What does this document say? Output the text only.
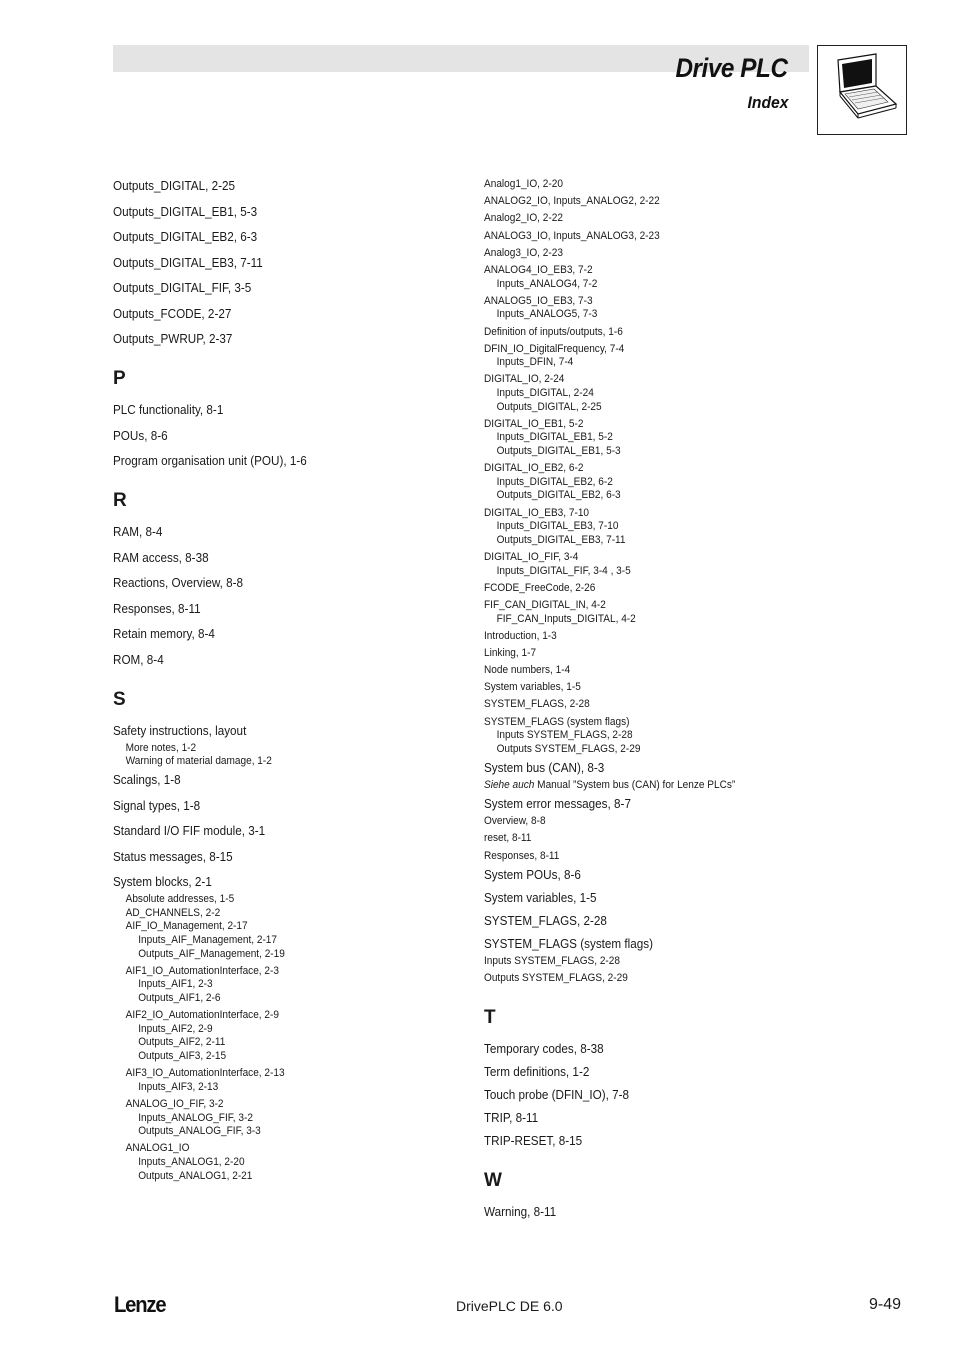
Drive PLC
Index
Outputs_DIGITAL, 2-25
Outputs_DIGITAL_EB1, 5-3
Outputs_DIGITAL_EB2, 6-3
Outputs_DIGITAL_EB3, 7-11
Outputs_DIGITAL_FIF, 3-5
Outputs_FCODE, 2-27
Outputs_PWRUP, 2-37
P
PLC functionality, 8-1
POUs, 8-6
Program organisation unit (POU), 1-6
R
RAM, 8-4
RAM access, 8-38
Reactions, Overview, 8-8
Responses, 8-11
Retain memory, 8-4
ROM, 8-4
S
Safety instructions, layout
More notes, 1-2
Warning of material damage, 1-2
Scalings, 1-8
Signal types, 1-8
Standard I/O FIF module, 3-1
Status messages, 8-15
System blocks, 2-1
Absolute addresses, 1-5
AD_CHANNELS, 2-2
AIF_IO_Management, 2-17
Inputs_AIF_Management, 2-17
Outputs_AIF_Management, 2-19
AIF1_IO_AutomationInterface, 2-3
Inputs_AIF1, 2-3
Outputs_AIF1, 2-6
AIF2_IO_AutomationInterface, 2-9
Inputs_AIF2, 2-9
Outputs_AIF2, 2-11
Outputs_AIF3, 2-15
AIF3_IO_AutomationInterface, 2-13
Inputs_AIF3, 2-13
ANALOG_IO_FIF, 3-2
Inputs_ANALOG_FIF, 3-2
Outputs_ANALOG_FIF, 3-3
ANALOG1_IO
Inputs_ANALOG1, 2-20
Outputs_ANALOG1, 2-21
Analog1_IO, 2-20
ANALOG2_IO, Inputs_ANALOG2, 2-22
Analog2_IO, 2-22
ANALOG3_IO, Inputs_ANALOG3, 2-23
Analog3_IO, 2-23
ANALOG4_IO_EB3, 7-2
Inputs_ANALOG4, 7-2
ANALOG5_IO_EB3, 7-3
Inputs_ANALOG5, 7-3
Definition of inputs/outputs, 1-6
DFIN_IO_DigitalFrequency, 7-4
Inputs_DFIN, 7-4
DIGITAL_IO, 2-24
Inputs_DIGITAL, 2-24
Outputs_DIGITAL, 2-25
DIGITAL_IO_EB1, 5-2
Inputs_DIGITAL_EB1, 5-2
Outputs_DIGITAL_EB1, 5-3
DIGITAL_IO_EB2, 6-2
Inputs_DIGITAL_EB2, 6-2
Outputs_DIGITAL_EB2, 6-3
DIGITAL_IO_EB3, 7-10
Inputs_DIGITAL_EB3, 7-10
Outputs_DIGITAL_EB3, 7-11
DIGITAL_IO_FIF, 3-4
Inputs_DIGITAL_FIF, 3-4 , 3-5
FCODE_FreeCode, 2-26
FIF_CAN_DIGITAL_IN, 4-2
FIF_CAN_Inputs_DIGITAL, 4-2
Introduction, 1-3
Linking, 1-7
Node numbers, 1-4
System variables, 1-5
SYSTEM_FLAGS, 2-28
SYSTEM_FLAGS (system flags)
Inputs SYSTEM_FLAGS, 2-28
Outputs SYSTEM_FLAGS, 2-29
System bus (CAN), 8-3
Siehe auch Manual ”System bus (CAN) for Lenze PLCs”
System error messages, 8-7
Overview, 8-8
reset, 8-11
Responses, 8-11
System POUs, 8-6
System variables, 1-5
SYSTEM_FLAGS, 2-28
SYSTEM_FLAGS (system flags)
Inputs SYSTEM_FLAGS, 2-28
Outputs SYSTEM_FLAGS, 2-29
T
Temporary codes, 8-38
Term definitions, 1-2
Touch probe (DFIN_IO), 7-8
TRIP, 8-11
TRIP-RESET, 8-15
W
Warning, 8-11
Lenze	DrivePLC DE 6.0	9-49
